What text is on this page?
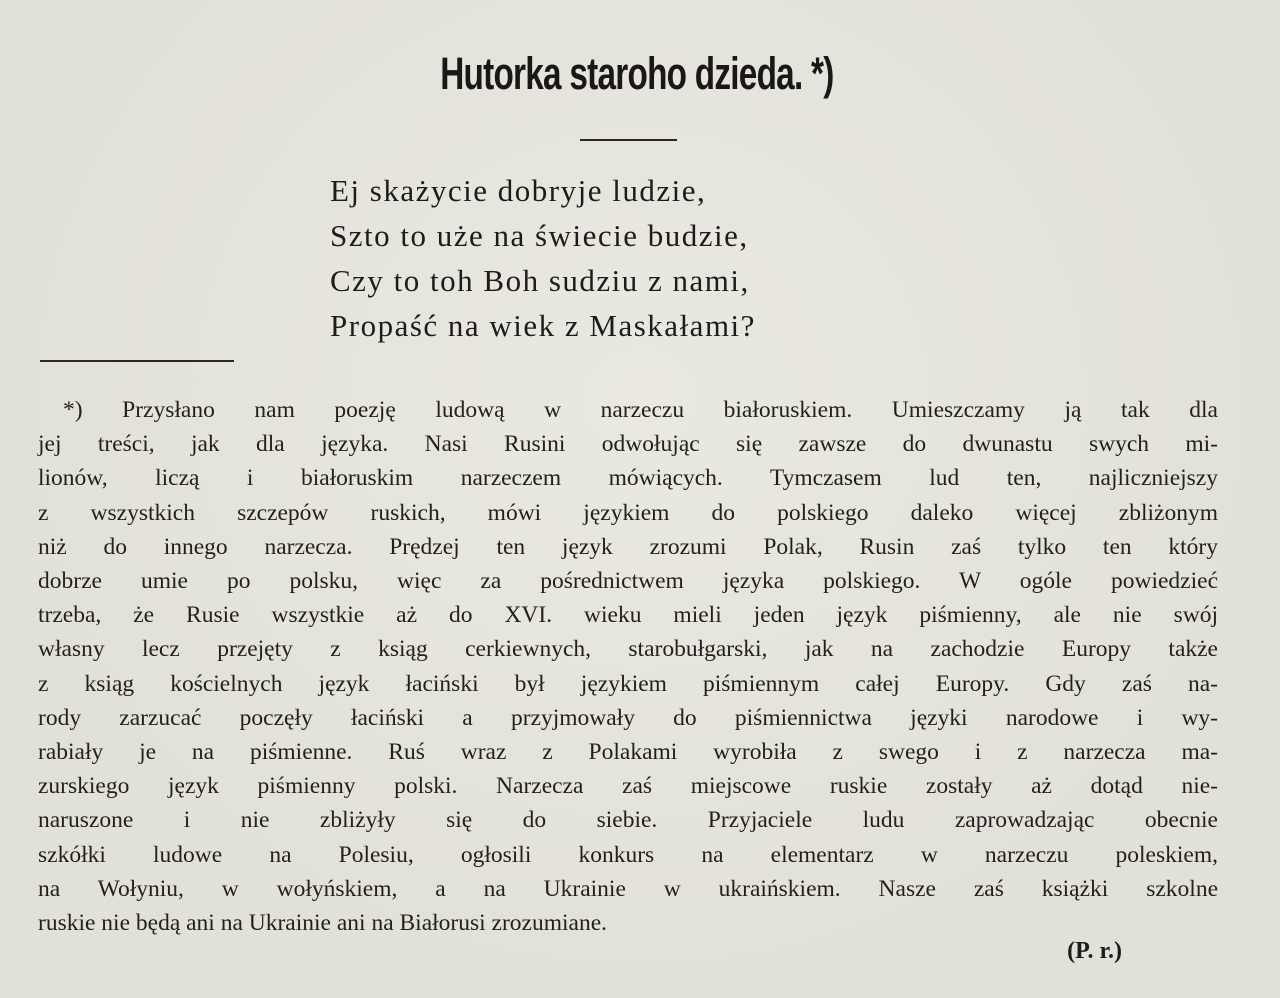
Hutorka staroho dzieda. *)
Ej skażycie dobryje ludzie,
Szto to uże na świecie budzie,
Czy to toh Boh sudziu z nami,
Propaść na wiek z Maskałami?
*) Przysłano nam poezję ludową w narzeczu białoruskiem. Umieszczamy ją tak dla
jej treści, jak dla języka. Nasi Rusini odwołując się zawsze do dwunastu swych mi-
lionów, liczą i białoruskim narzeczem mówiących. Tymczasem lud ten, najliczniejszy
z wszystkich szczepów ruskich, mówi językiem do polskiego daleko więcej zbliżonym
niż do innego narzecza. Prędzej ten język zrozumi Polak, Rusin zaś tylko ten który
dobrze umie po polsku, więc za pośrednictwem języka polskiego. W ogóle powiedzieć
trzeba, że Rusie wszystkie aż do XVI. wieku mieli jeden język piśmienny, ale nie swój
własny lecz przejęty z ksiąg cerkiewnych, starobułgarski, jak na zachodzie Europy także
z ksiąg kościelnych język łaciński był językiem piśmiennym całej Europy. Gdy zaś na-
rody zarzucać poczęły łaciński a przyjmowały do piśmiennictwa języki narodowe i wy-
rabiały je na piśmienne. Ruś wraz z Polakami wyrobiła z swego i z narzecza ma-
zurskiego język piśmienny polski. Narzecza zaś miejscowe ruskie zostały aż dotąd nie-
naruszone i nie zbliżyły się do siebie. Przyjaciele ludu zaprowadzając obecnie
szkółki ludowe na Polesiu, ogłosili konkurs na elementarz w narzeczu poleskiem,
na Wołyniu, w wołyńskiem, a na Ukrainie w ukraińskiem. Nasze zaś książki szkolne
ruskie nie będą ani na Ukrainie ani na Białorusi zrozumiane.
(P. r.)
